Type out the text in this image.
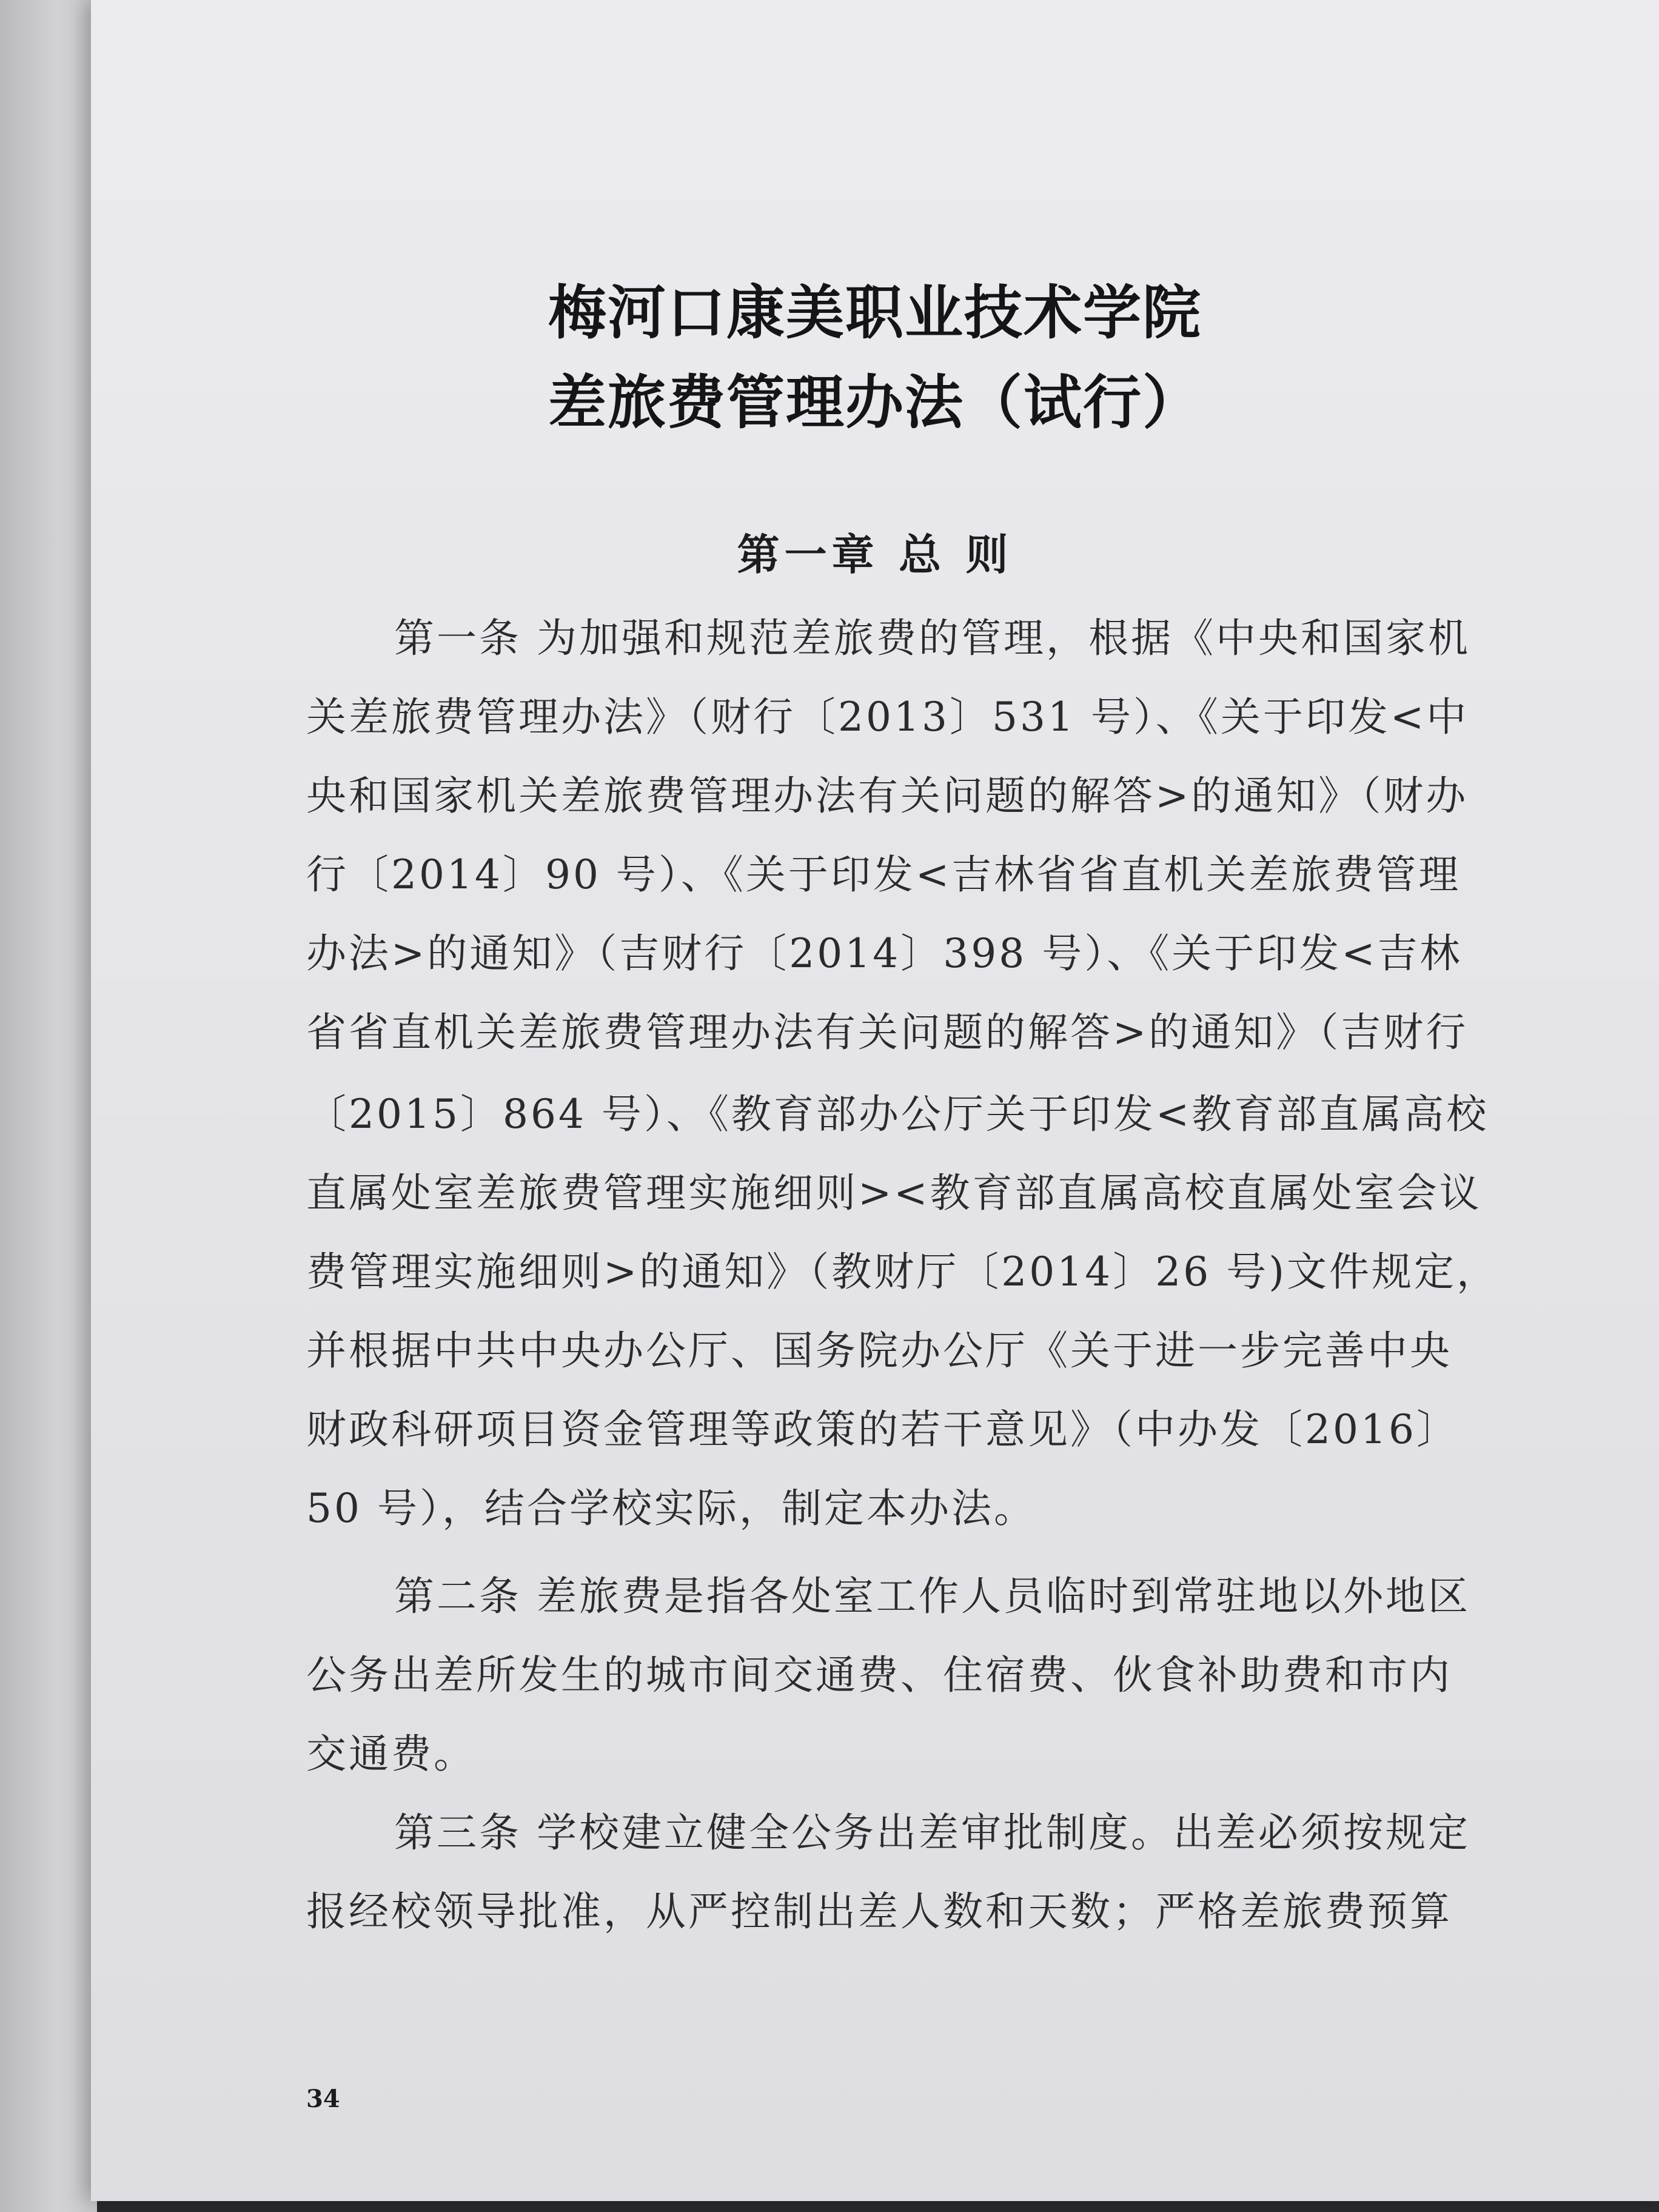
梅河口康美职业技术学院
差旅费管理办法（试行）
第一章 总 则
第一条 为加强和规范差旅费的管理，根据《中央和国家机
关差旅费管理办法》（财行〔2013〕531 号）、《关于印发<中
央和国家机关差旅费管理办法有关问题的解答>的通知》（财办
行〔2014〕90 号）、《关于印发<吉林省省直机关差旅费管理
办法>的通知》（吉财行〔2014〕398 号）、《关于印发<吉林
省省直机关差旅费管理办法有关问题的解答>的通知》（吉财行
〔2015〕864 号）、《教育部办公厅关于印发<教育部直属高校
直属处室差旅费管理实施细则><教育部直属高校直属处室会议
费管理实施细则>的通知》（教财厅〔2014〕26 号)文件规定，
并根据中共中央办公厅、国务院办公厅《关于进一步完善中央
财政科研项目资金管理等政策的若干意见》（中办发〔2016〕
50 号），结合学校实际，制定本办法。
第二条 差旅费是指各处室工作人员临时到常驻地以外地区
公务出差所发生的城市间交通费、住宿费、伙食补助费和市内
交通费。
第三条 学校建立健全公务出差审批制度。出差必须按规定
报经校领导批准，从严控制出差人数和天数；严格差旅费预算
34
